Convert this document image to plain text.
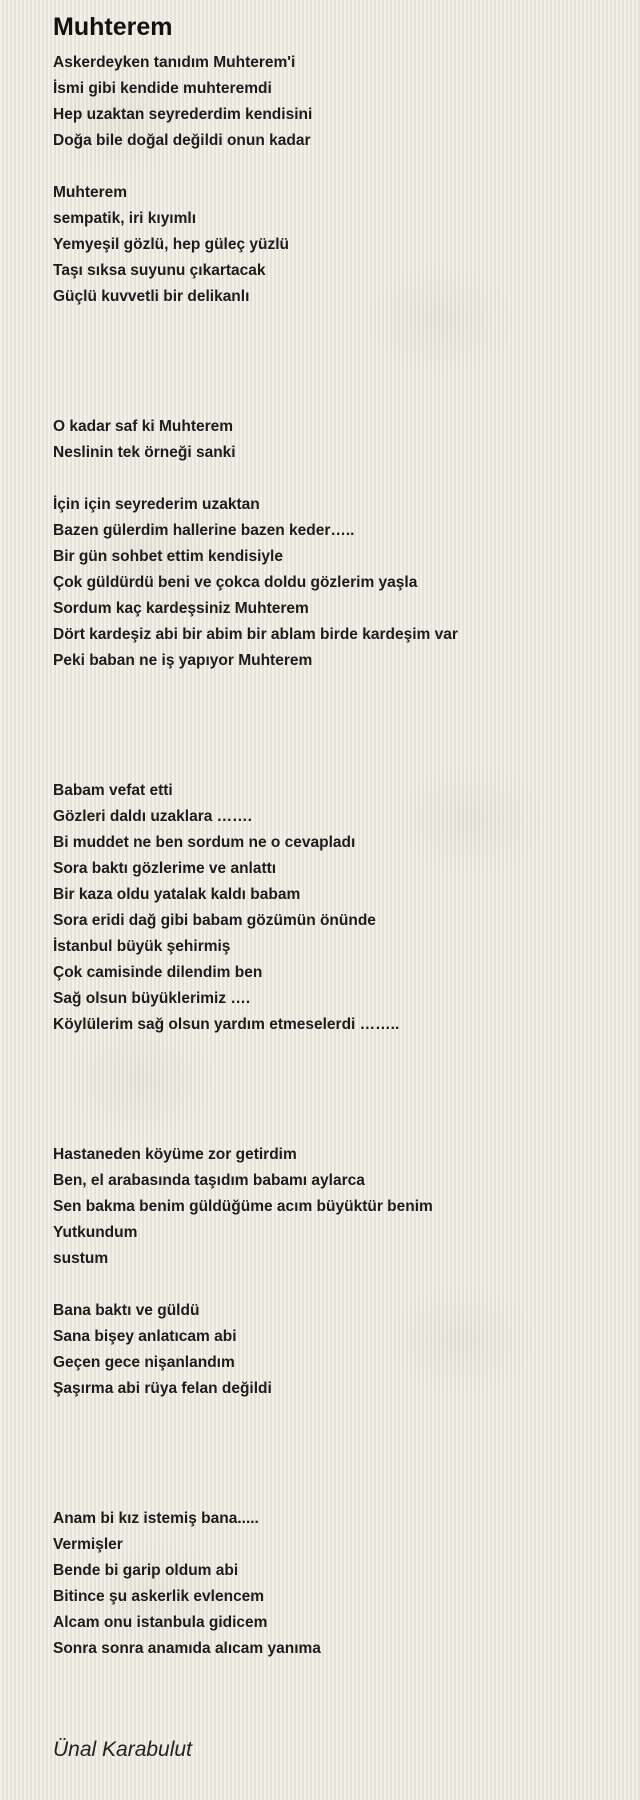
Muhterem
Askerdeyken tanıdım Muhterem'i
İsmi gibi kendide muhteremdi
Hep uzaktan seyrederdim kendisini
Doğa bile doğal değildi onun kadar
Muhterem
sempatik, iri kıyımlı
Yemyeşil gözlü, hep güleç yüzlü
Taşı sıksa suyunu çıkartacak
Güçlü kuvvetli bir delikanlı
O kadar saf ki Muhterem
Neslinin tek örneği sanki
İçin için seyrederim uzaktan
Bazen gülerdim hallerine bazen keder…..
Bir gün sohbet ettim kendisiyle
Çok güldürdü beni ve çokca doldu gözlerim yaşla
Sordum kaç kardeşsiniz Muhterem
Dört kardeşiz abi bir abim bir ablam birde kardeşim var
Peki baban ne iş yapıyor Muhterem
Babam vefat etti
Gözleri daldı uzaklara …….
Bi muddet ne ben sordum ne o cevapladı
Sora baktı gözlerime ve anlattı
Bir kaza oldu yatalak kaldı babam
Sora eridi dağ gibi babam gözümün önünde
İstanbul büyük şehirmiş
Çok camisinde dilendim ben
Sağ olsun büyüklerimiz ….
Köylülerim sağ olsun yardım etmeselerdi ……..
Hastaneden köyüme zor getirdim
Ben, el arabasında taşıdım babamı aylarca
Sen bakma benim güldüğüme acım büyüktür benim
Yutkundum
sustum
Bana baktı ve güldü
Sana bişey anlatıcam abi
Geçen gece nişanlandım
Şaşırma abi rüya felan değildi
Anam bi kız istemiş bana.....
Vermişler
Bende bi garip oldum abi
Bitince şu askerlik evlencem
Alcam onu istanbula gidicem
Sonra sonra anamıda alıcam yanıma
Ünal Karabulut
